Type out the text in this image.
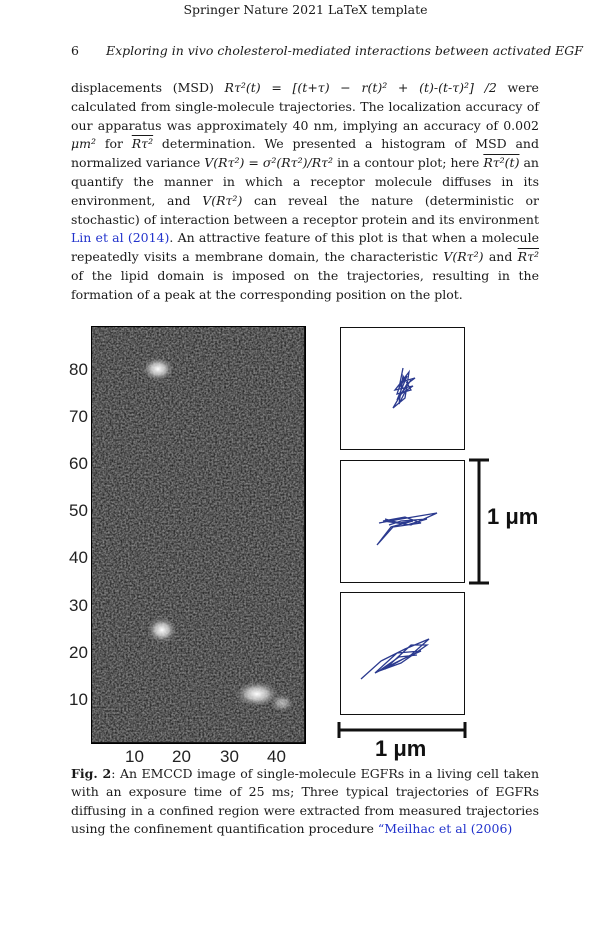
Springer Nature 2021 LaTeX template
6 Exploring in vivo cholesterol-mediated interactions between activated EGF

displacements (MSD) Rτ²(t) = [(t+τ) − r(t)² + (t)-(t-τ)²] /2 were calculated from single-molecule trajectories. The localization accuracy of our apparatus was approximately 40 nm, implying an accuracy of 0.002 μm² for Rτ² determination. We presented a histogram of MSD and normalized variance V(Rτ²) = σ²(Rτ²)/Rτ² in a contour plot; here Rτ²(t) an quantify the manner in which a receptor molecule diffuses in its environment, and V(Rτ²) can reveal the nature (deterministic or stochastic) of interaction between a receptor protein and its environment Lin et al (2014). An attractive feature of this plot is that when a molecule repeatedly visits a membrane domain, the characteristic V(Rτ²) and Rτ² of the lipid domain is imposed on the trajectories, resulting in the formation of a peak at the corresponding position on the plot.

80
70
60
50
40
30
20
10
10 20 30 40
1 μm
1 μm
Fig. 2: An EMCCD image of single-molecule EGFRs in a living cell taken with an exposure time of 25 ms; Three typical trajectories of EGFRs diffusing in a confined region were extracted from measured trajectories using the confinement quantification procedure “Meilhac et al (2006)
